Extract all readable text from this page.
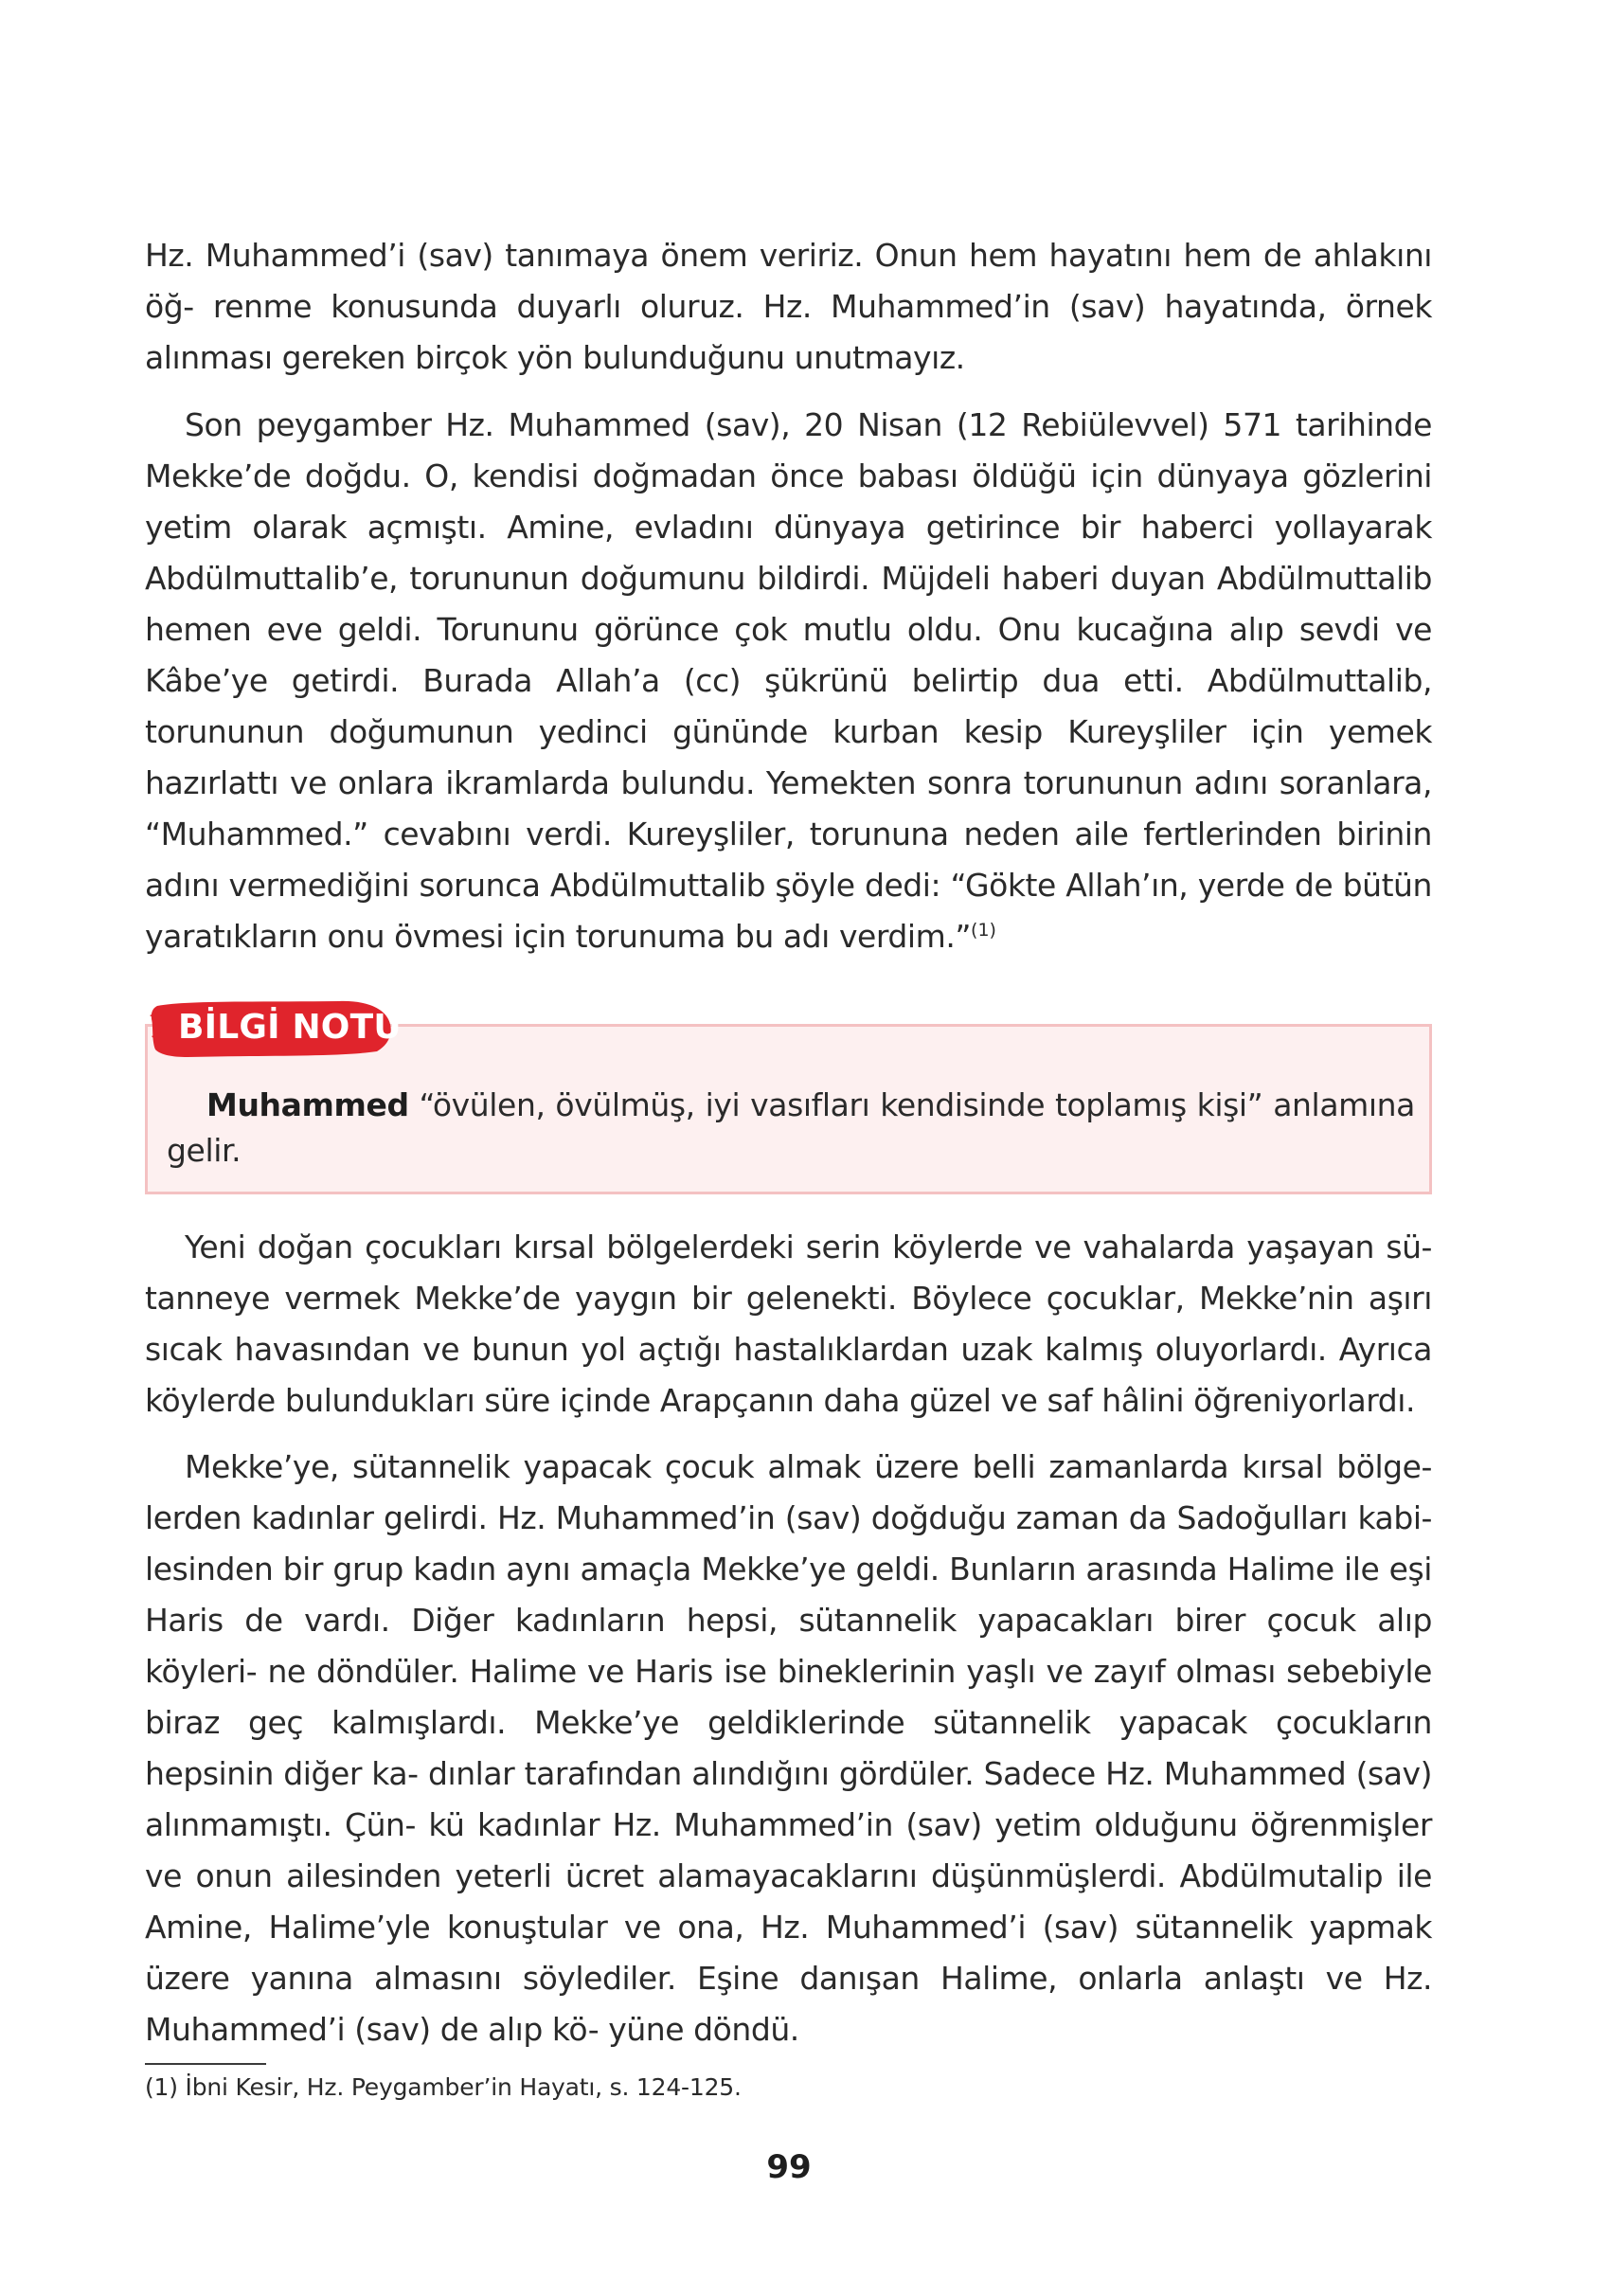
Hz. Muhammed’i (sav) tanımaya önem veririz. Onun hem hayatını hem de ahlakını öğ- renme konusunda duyarlı oluruz. Hz. Muhammed’in (sav) hayatında, örnek alınması gereken birçok yön bulunduğunu unutmayız.
Son peygamber Hz. Muhammed (sav), 20 Nisan (12 Rebiülevvel) 571 tarihinde Mekke’de doğdu. O, kendisi doğmadan önce babası öldüğü için dünyaya gözlerini yetim olarak açmıştı. Amine, evladını dünyaya getirince bir haberci yollayarak Abdülmuttalib’e, torununun doğumunu bildirdi. Müjdeli haberi duyan Abdülmuttalib hemen eve geldi. Torununu görünce çok mutlu oldu. Onu kucağına alıp sevdi ve Kâbe’ye getirdi. Burada Allah’a (cc) şükrünü belirtip dua etti. Abdülmuttalib, torununun doğumunun yedinci gününde kurban kesip Kureyşliler için yemek hazırlattı ve onlara ikramlarda bulundu. Yemekten sonra torununun adını soranlara, “Muhammed.” cevabını verdi. Kureyşliler, torununa neden aile fertlerinden birinin adını vermediğini sorunca Abdülmuttalib şöyle dedi: “Gökte Allah’ın, yerde de bütün yaratıkların onu övmesi için torunuma bu adı verdim.”$^{(1)}$

Muhammed “övülen, övülmüş, iyi vasıfları kendisinde toplamış kişi” anlamına gelir.

BİLGİ NOTU
Yeni doğan çocukları kırsal bölgelerdeki serin köylerde ve vahalarda yaşayan sü- tanneye vermek Mekke’de yaygın bir gelenekti. Böylece çocuklar, Mekke’nin aşırı sıcak havasından ve bunun yol açtığı hastalıklardan uzak kalmış oluyorlardı. Ayrıca köylerde bulundukları süre içinde Arapçanın daha güzel ve saf hâlini öğreniyorlardı.
Mekke’ye, sütannelik yapacak çocuk almak üzere belli zamanlarda kırsal bölge- lerden kadınlar gelirdi. Hz. Muhammed’in (sav) doğduğu zaman da Sadoğulları kabi- lesinden bir grup kadın aynı amaçla Mekke’ye geldi. Bunların arasında Halime ile eşi Haris de vardı. Diğer kadınların hepsi, sütannelik yapacakları birer çocuk alıp köyleri- ne döndüler. Halime ve Haris ise bineklerinin yaşlı ve zayıf olması sebebiyle biraz geç kalmışlardı. Mekke’ye geldiklerinde sütannelik yapacak çocukların hepsinin diğer ka- dınlar tarafından alındığını gördüler. Sadece Hz. Muhammed (sav) alınmamıştı. Çün- kü kadınlar Hz. Muhammed’in (sav) yetim olduğunu öğrenmişler ve onun ailesinden yeterli ücret alamayacaklarını düşünmüşlerdi. Abdülmutalip ile Amine, Halime’yle konuştular ve ona, Hz. Muhammed’i (sav) sütannelik yapmak üzere yanına almasını söylediler. Eşine danışan Halime, onlarla anlaştı ve Hz. Muhammed’i (sav) de alıp kö- yüne döndü.
(1) İbni Kesir, Hz. Peygamber’in Hayatı, s. 124-125.
99
